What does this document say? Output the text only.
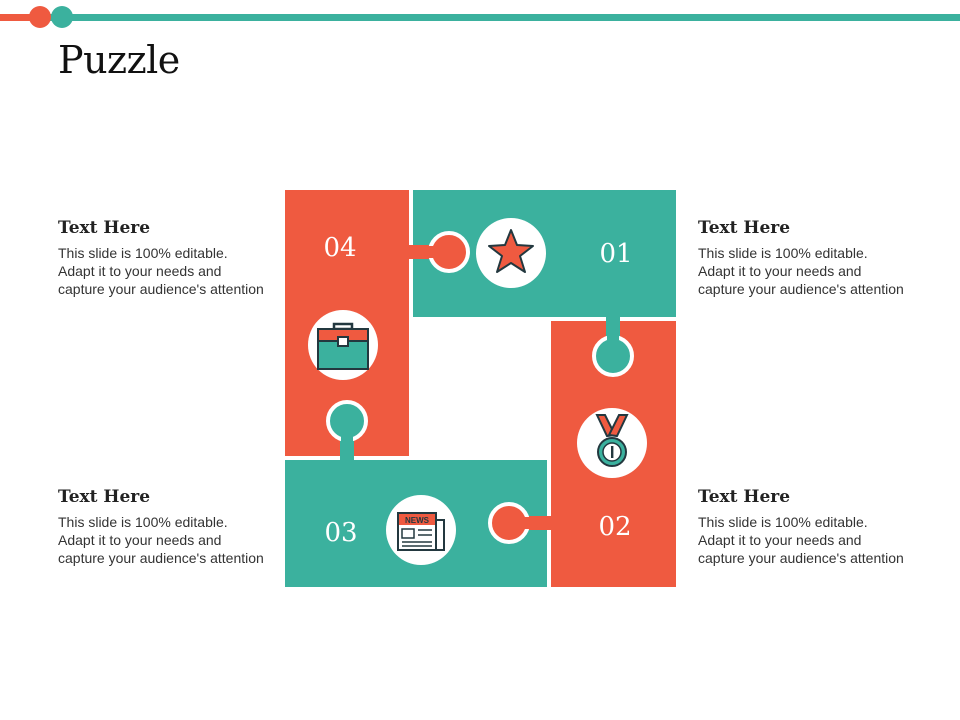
Puzzle
01
02
03
04
NEWS
Text Here

This slide is 100% editable.
Adapt it to your needs and
capture your audience's attention

Text Here

This slide is 100% editable.
Adapt it to your needs and
capture your audience's attention

Text Here

This slide is 100% editable.
Adapt it to your needs and
capture your audience's attention

Text Here

This slide is 100% editable.
Adapt it to your needs and
capture your audience's attention
